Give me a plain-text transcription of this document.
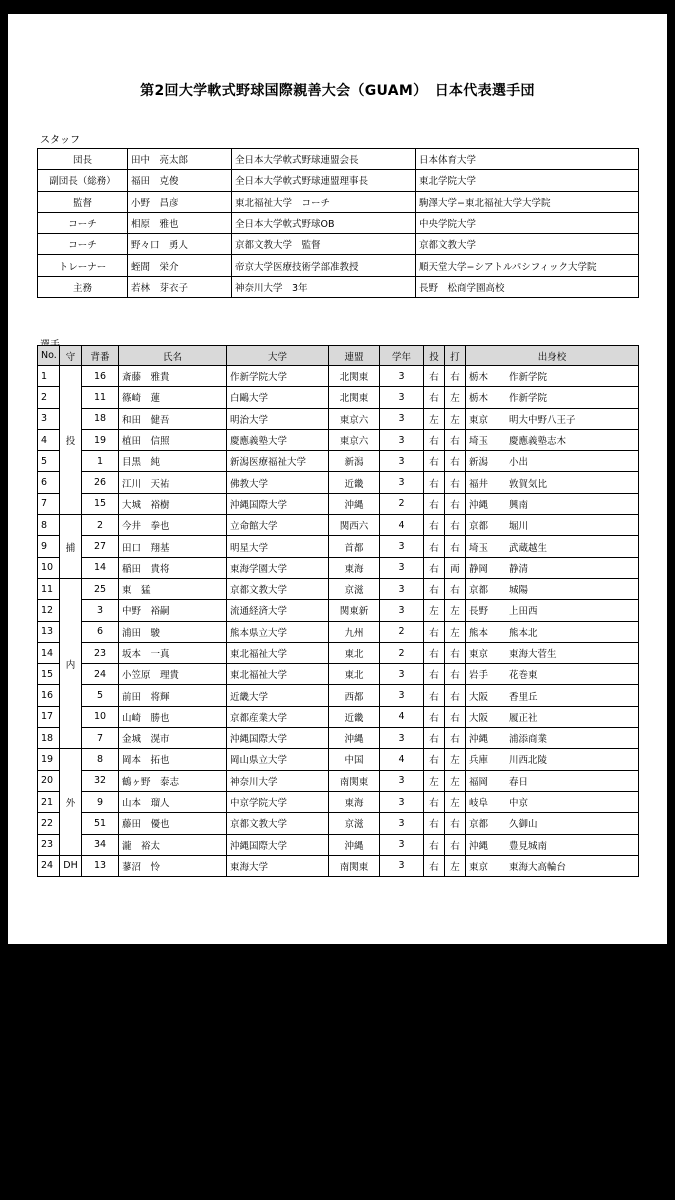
第2回大学軟式野球国際親善大会（GUAM）　日本代表選手団
スタッフ
団長	田中　亮太郎	全日本大学軟式野球連盟会長	日本体育大学
副団長（総務）	福田　克俊	全日本大学軟式野球連盟理事長	東北学院大学
監督	小野　昌彦	東北福祉大学　コーチ	駒澤大学−東北福祉大学大学院
コーチ	相原　雅也	全日本大学軟式野球OB	中央学院大学
コーチ	野々口　勇人	京都文教大学　監督	京都文教大学
トレーナー	蛭間　栄介	帝京大学医療技術学部准教授	順天堂大学−シアトルパシフィック大学院
主務	若林　芽衣子	神奈川大学　3年	長野　松商学園高校
No.	守	背番	氏名	大学	連盟	学年	投	打	出身校
1	投	16	斎藤　雅貴	作新学院大学	北関東	3	右	右	栃木 作新学院
2		11	篠崎　蓮	白鷗大学	北関東	3	右	左	栃木 作新学院
3		18	和田　健吾	明治大学	東京六	3	左	左	東京 明大中野八王子
4		19	植田　信照	慶應義塾大学	東京六	3	右	右	埼玉 慶應義塾志木
5		1	目黒　純	新潟医療福祉大学	新潟	3	右	右	新潟 小出
6		26	江川　天祐	佛教大学	近畿	3	右	右	福井 敦賀気比
7		15	大城　裕樹	沖縄国際大学	沖縄	2	右	右	沖縄 興南
8	捕	2	今井　拳也	立命館大学	関西六	4	右	右	京都 堀川
9		27	田口　翔基	明星大学	首都	3	右	右	埼玉 武蔵越生
10		14	稲田　貴将	東海学園大学	東海	3	右	両	静岡 静清
11	内	25	東　猛	京都文教大学	京滋	3	右	右	京都 城陽
12		3	中野　裕嗣	流通経済大学	関東新	3	左	左	長野 上田西
13		6	浦田　駿	熊本県立大学	九州	2	右	左	熊本 熊本北
14		23	坂本　一真	東北福祉大学	東北	2	右	右	東京 東海大菅生
15		24	小笠原　理貴	東北福祉大学	東北	3	右	右	岩手 花巻東
16		5	前田　将輝	近畿大学	西都	3	右	右	大阪 香里丘
17		10	山崎　勝也	京都産業大学	近畿	4	右	右	大阪 履正社
18		7	金城　滉市	沖縄国際大学	沖縄	3	右	右	沖縄 浦添商業
19	外	8	岡本　拓也	岡山県立大学	中国	4	右	左	兵庫 川西北陵
20		32	鶴ヶ野　泰志	神奈川大学	南関東	3	左	左	福岡 春日
21		9	山本　瑠人	中京学院大学	東海	3	右	左	岐阜 中京
22		51	藤田　優也	京都文教大学	京滋	3	右	右	京都 久御山
23		34	瀧　裕太	沖縄国際大学	沖縄	3	右	右	沖縄 豊見城南
24	DH	13	蓼沼　怜	東海大学	南関東	3	右	左	東京 東海大高輪台
